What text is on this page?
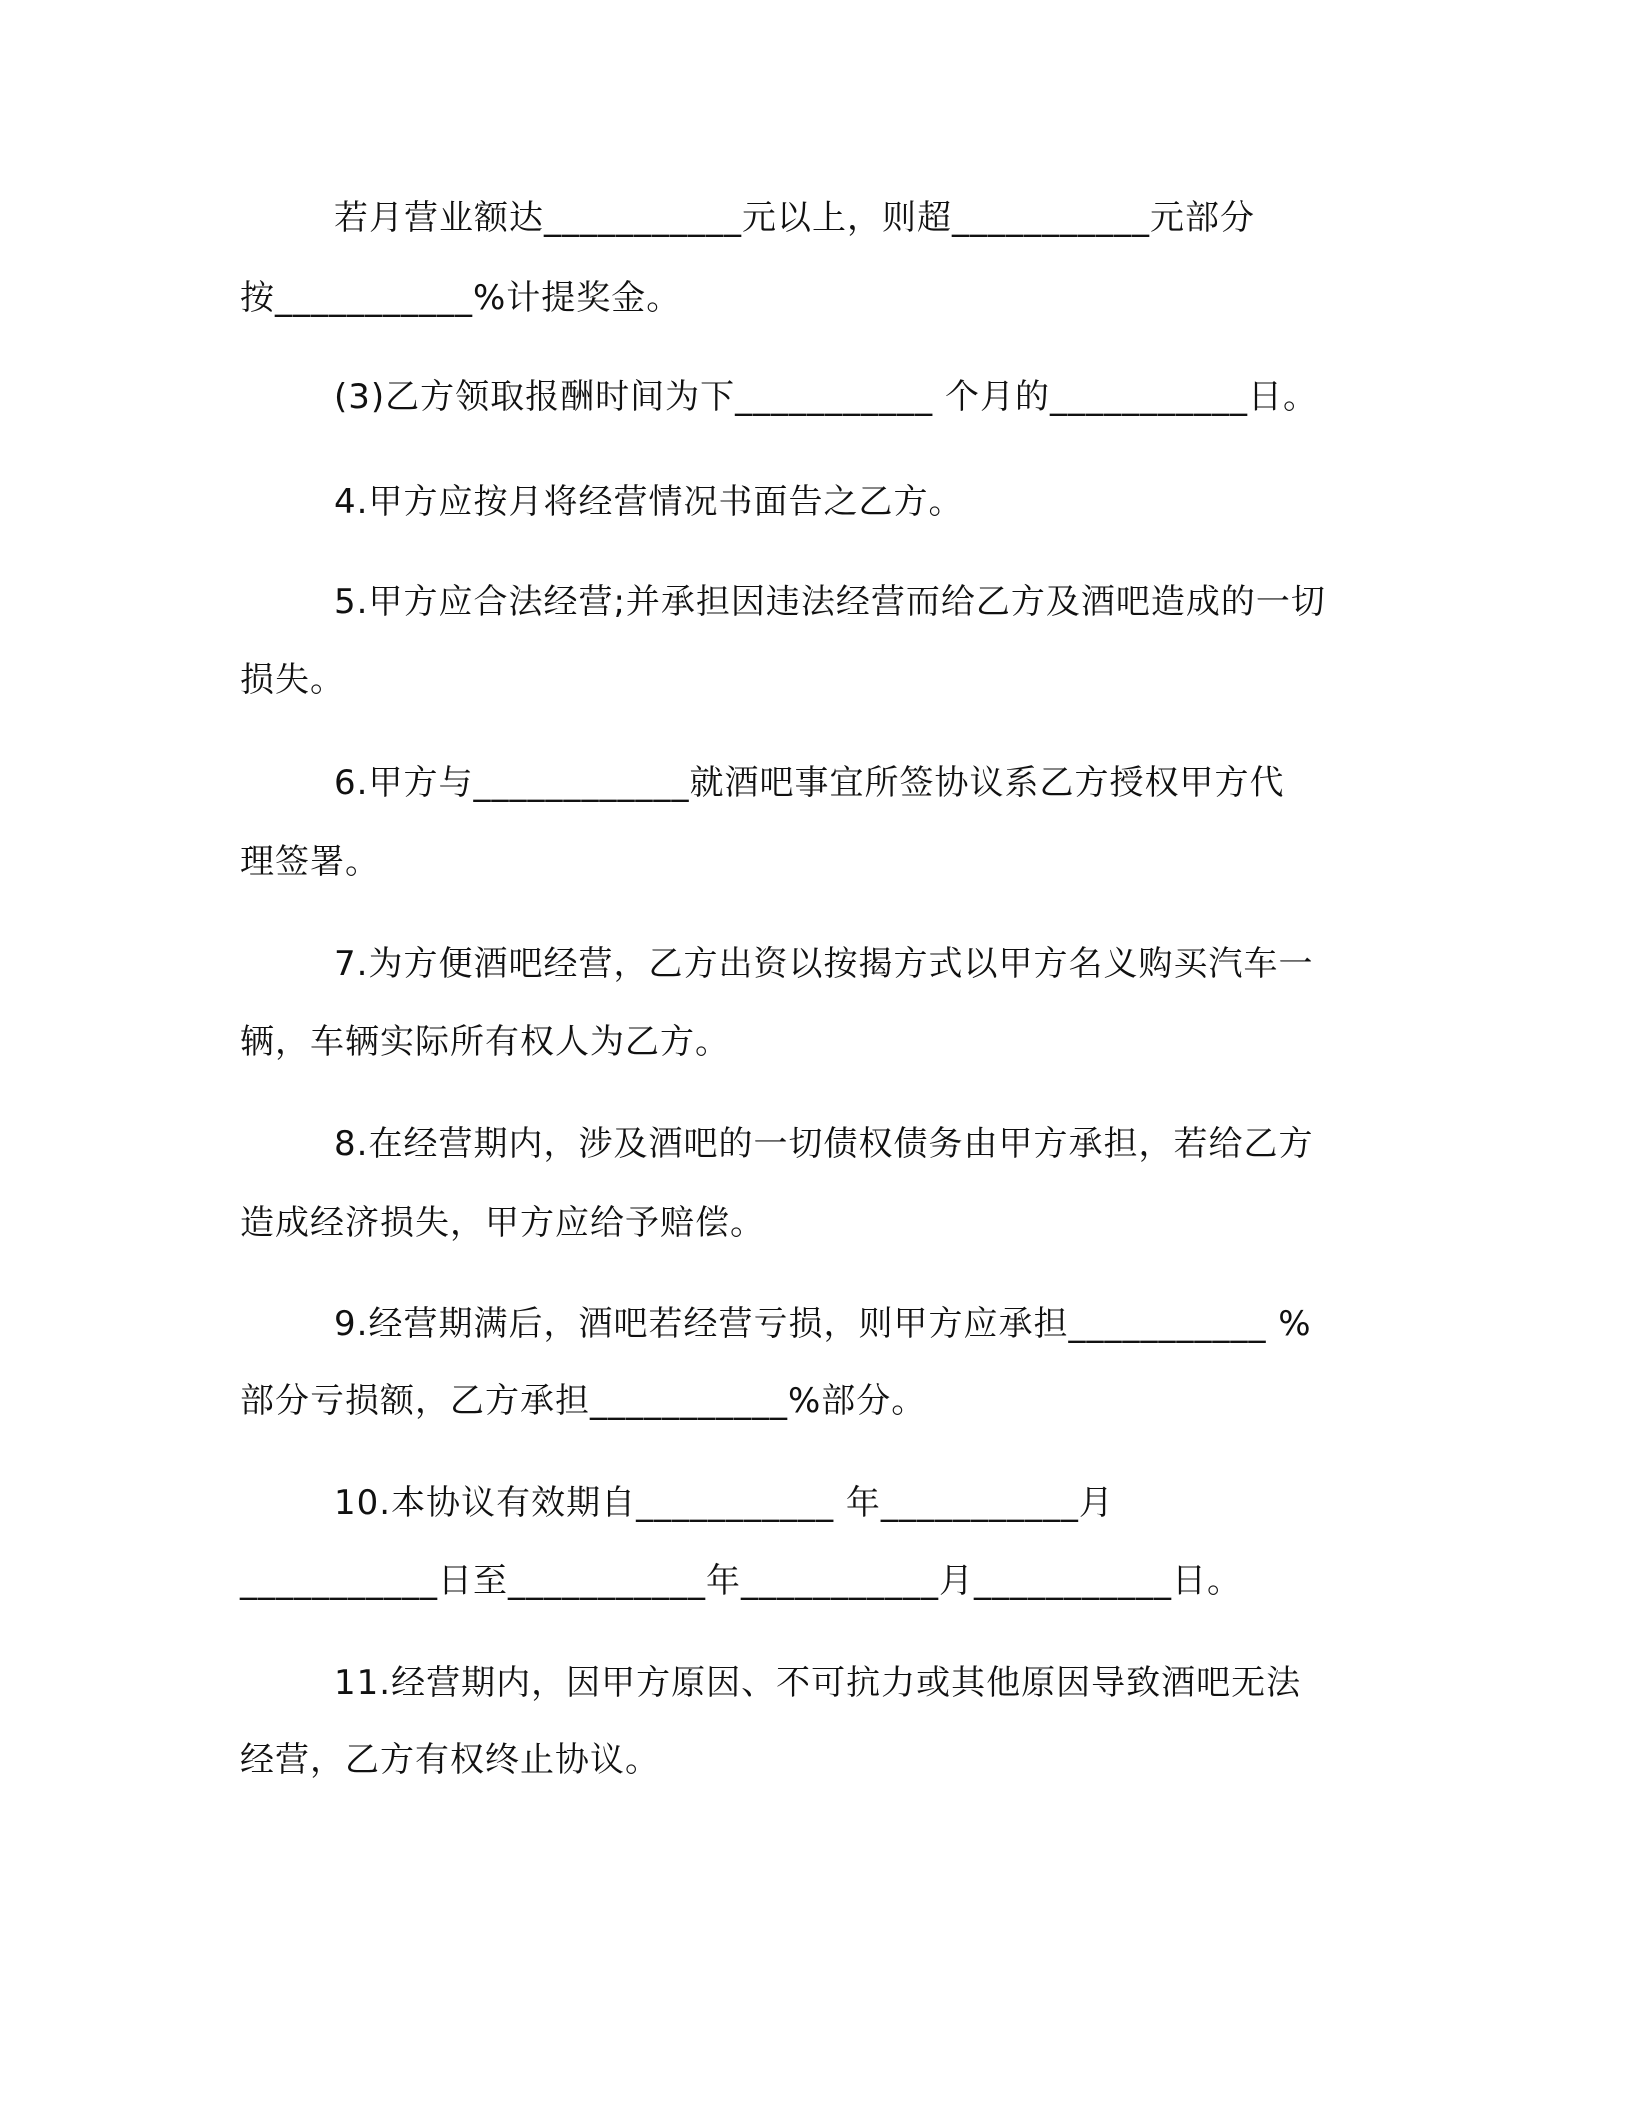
若月营业额达___________元以上，则超___________元部分
按___________%计提奖金。
(3)乙方领取报酬时间为下___________ 个月的___________日。
4.甲方应按月将经营情况书面告之乙方。
5.甲方应合法经营;并承担因违法经营而给乙方及酒吧造成的一切
损失。
6.甲方与____________就酒吧事宜所签协议系乙方授权甲方代
理签署。
7.为方便酒吧经营，乙方出资以按揭方式以甲方名义购买汽车一
辆，车辆实际所有权人为乙方。
8.在经营期内，涉及酒吧的一切债权债务由甲方承担，若给乙方
造成经济损失，甲方应给予赔偿。
9.经营期满后，酒吧若经营亏损，则甲方应承担___________ %
部分亏损额，乙方承担___________%部分。
10.本协议有效期自___________ 年___________月
___________日至___________年___________月___________日。
11.经营期内，因甲方原因、不可抗力或其他原因导致酒吧无法
经营，乙方有权终止协议。
